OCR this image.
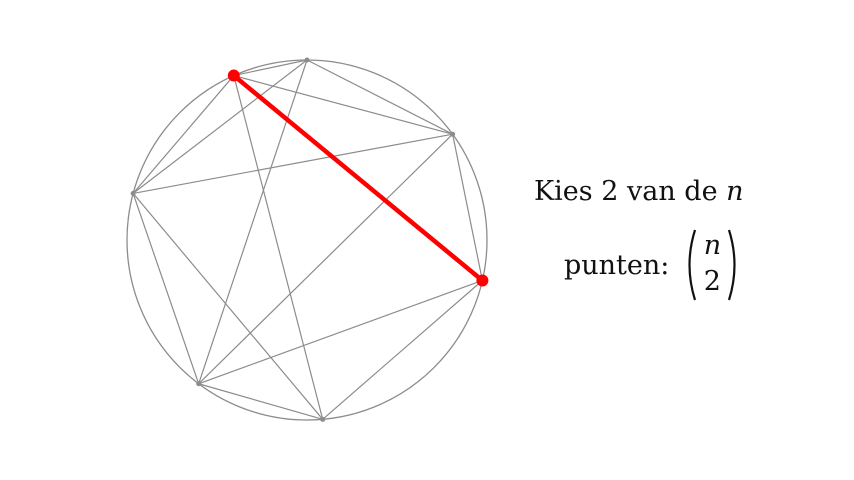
Kies 2 van de n
punten:
n
2
